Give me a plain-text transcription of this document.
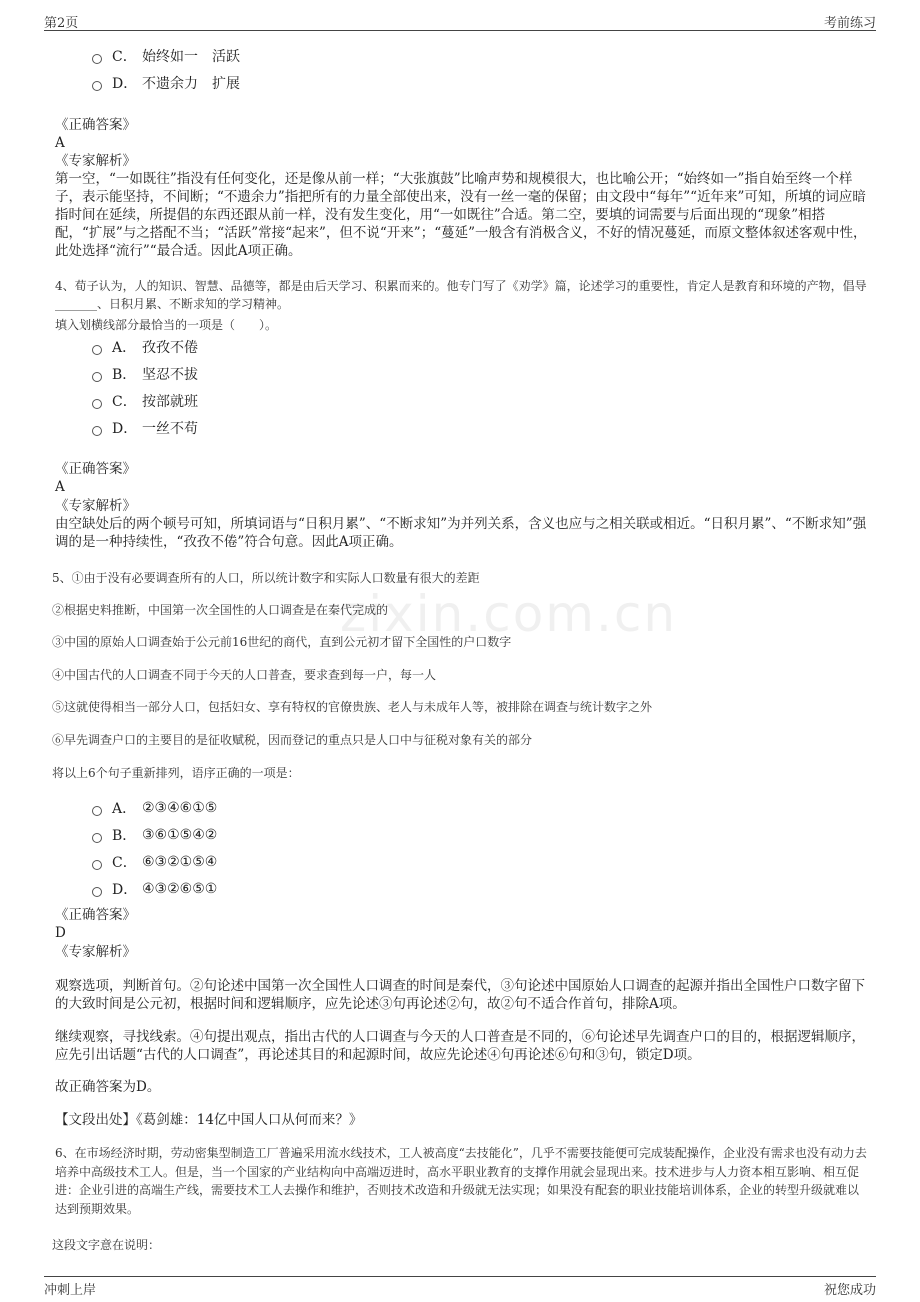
第2页	考前练习
zixin.com.cn
C． 始终如一　活跃
D． 不遗余力　扩展
《正确答案》
A
《专家解析》
第一空，“一如既往”指没有任何变化，还是像从前一样；“大张旗鼓”比喻声势和规模很大，也比喻公开；“始终如一”指自始至终一个样子，表示能坚持，不间断；“不遗余力”指把所有的力量全部使出来，没有一丝一毫的保留；由文段中“每年”“近年来”可知，所填的词应暗指时间在延续，所提倡的东西还跟从前一样，没有发生变化，用“一如既往”合适。第二空，要填的词需要与后面出现的“现象”相搭配，“扩展”与之搭配不当；“活跃”常接“起来”，但不说“开来”；“蔓延”一般含有消极含义，不好的情况蔓延，而原文整体叙述客观中性，此处选择“流行”“最合适。因此A项正确。
4、荀子认为，人的知识、智慧、品德等，都是由后天学习、积累而来的。他专门写了《劝学》篇，论述学习的重要性，肯定人是教育和环境的产物，倡导_______、日积月累、不断求知的学习精神。
填入划横线部分最恰当的一项是（　　）。
A． 孜孜不倦
B． 坚忍不拔
C． 按部就班
D． 一丝不苟
《正确答案》
A
《专家解析》
由空缺处后的两个顿号可知，所填词语与“日积月累”、“不断求知”为并列关系，含义也应与之相关联或相近。“日积月累”、“不断求知”强调的是一种持续性，“孜孜不倦”符合句意。因此A项正确。
5、①由于没有必要调查所有的人口，所以统计数字和实际人口数量有很大的差距
②根据史料推断，中国第一次全国性的人口调查是在秦代完成的
③中国的原始人口调查始于公元前16世纪的商代，直到公元初才留下全国性的户口数字
④中国古代的人口调查不同于今天的人口普查，要求查到每一户，每一人
⑤这就使得相当一部分人口，包括妇女、享有特权的官僚贵族、老人与未成年人等，被排除在调查与统计数字之外
⑥早先调查户口的主要目的是征收赋税，因而登记的重点只是人口中与征税对象有关的部分
将以上6个句子重新排列，语序正确的一项是：
A． ②③④⑥①⑤
B． ③⑥①⑤④②
C． ⑥③②①⑤④
D． ④③②⑥⑤①
《正确答案》
D
《专家解析》
观察选项，判断首句。②句论述中国第一次全国性人口调查的时间是秦代，③句论述中国原始人口调查的起源并指出全国性户口数字留下的大致时间是公元初，根据时间和逻辑顺序，应先论述③句再论述②句，故②句不适合作首句，排除A项。
继续观察，寻找线索。④句提出观点，指出古代的人口调查与今天的人口普查是不同的，⑥句论述早先调查户口的目的，根据逻辑顺序，应先引出话题“古代的人口调查”，再论述其目的和起源时间，故应先论述④句再论述⑥句和③句，锁定D项。
故正确答案为D。
【文段出处】《葛剑雄：14亿中国人口从何而来？》
6、在市场经济时期，劳动密集型制造工厂普遍采用流水线技术，工人被高度“去技能化”，几乎不需要技能便可完成装配操作，企业没有需求也没有动力去培养中高级技术工人。但是，当一个国家的产业结构向中高端迈进时，高水平职业教育的支撑作用就会显现出来。技术进步与人力资本相互影响、相互促进：企业引进的高端生产线，需要技术工人去操作和维护，否则技术改造和升级就无法实现；如果没有配套的职业技能培训体系，企业的转型升级就难以达到预期效果。
这段文字意在说明：
冲刺上岸	祝您成功
